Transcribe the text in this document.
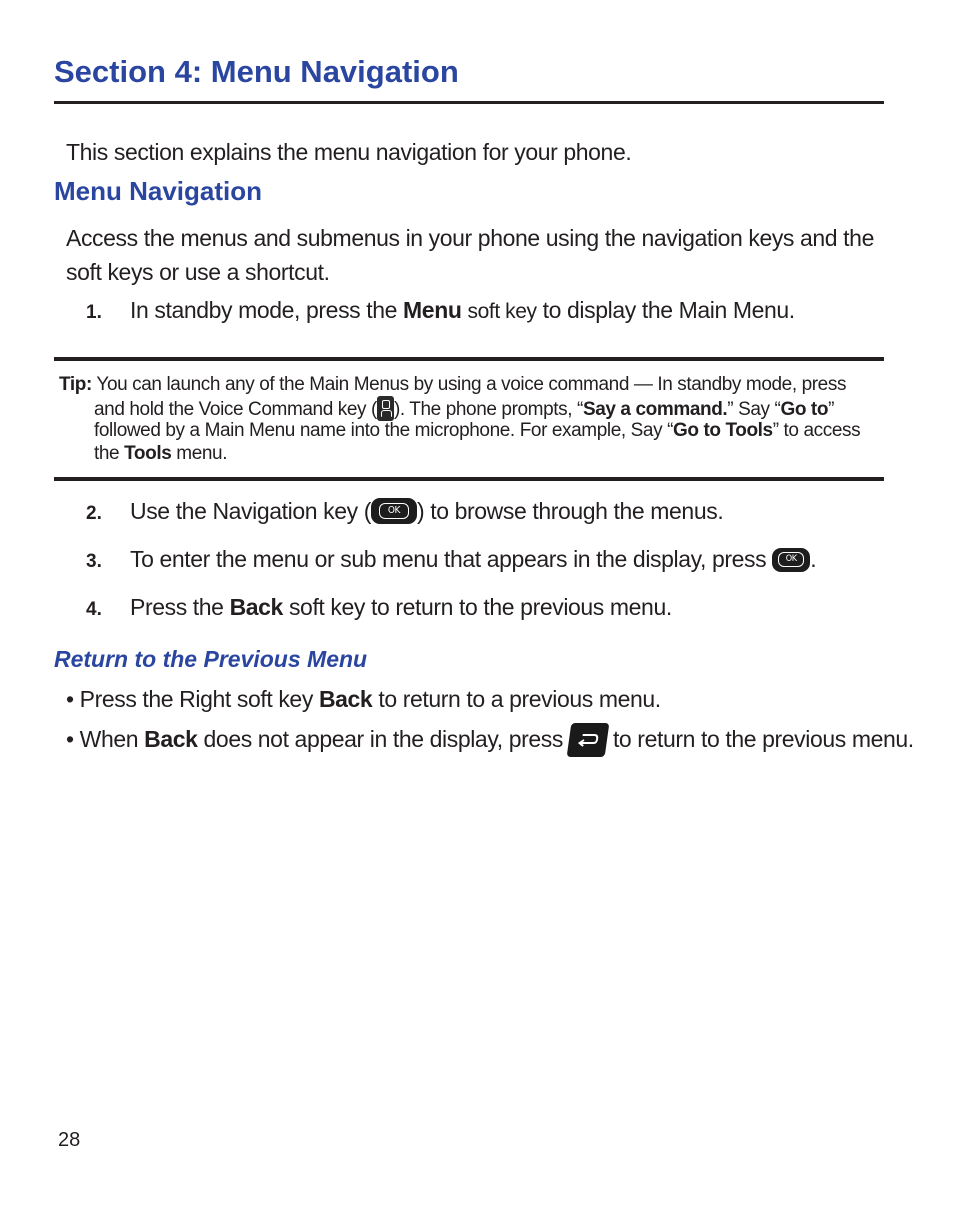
Section 4: Menu Navigation
This section explains the menu navigation for your phone.
Menu Navigation
Access the menus and submenus in your phone using the navigation keys and the
soft keys or use a shortcut.
1. In standby mode, press the Menu soft key to display the Main Menu.
Tip: You can launch any of the Main Menus by using a voice command — In standby mode, press
and hold the Voice Command key ( ). The phone prompts, “Say a command.” Say “Go to”
followed by a Main Menu name into the microphone. For example, Say “Go to Tools” to access
the Tools menu.
2. Use the Navigation key (	OK ) to browse through the menus.
3. To enter the menu or sub menu that appears in the display, press	OK .
4. Press the Back soft key to return to the previous menu.
Return to the Previous Menu
• Press the Right soft key Back to return to a previous menu.
• When Back does not appear in the display, press to return to the previous menu.
28
